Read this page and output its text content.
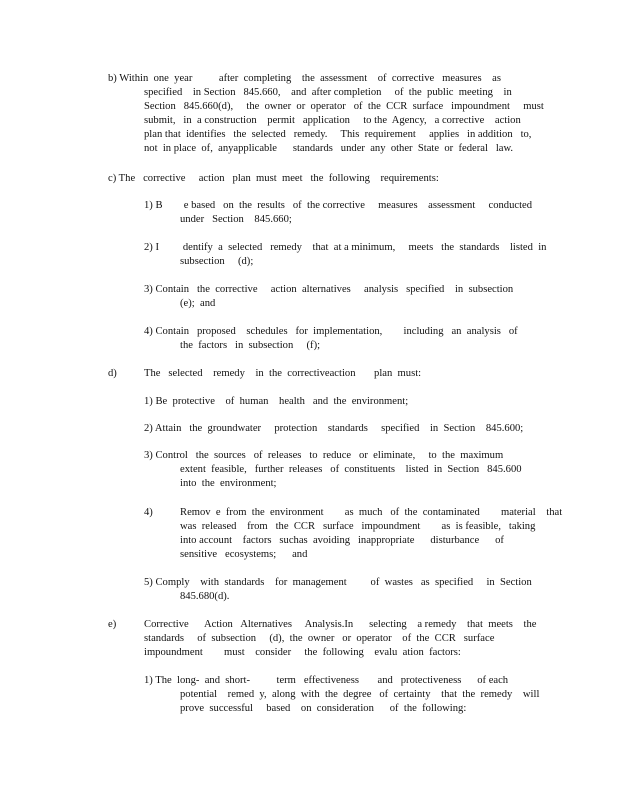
b) Within  one  year          after  completing    the  assessment    of  corrective   measures    as

specified    in Section   845.660,    and  after completion     of  the  public  meeting    in

Section   845.660(d),     the  owner  or  operator   of  the  CCR  surface   impoundment     must

submit,   in  a construction    permit   application     to the  Agency,   a corrective    action

plan that  identifies   the  selected   remedy.     This  requirement     applies   in addition   to,

not  in place  of,  anyapplicable      standards   under  any  other  State  or  federal   law.

c) The   corrective     action   plan  must  meet   the  following    requirements:

1) B        e based   on  the  results   of  the corrective     measures    assessment     conducted

under   Section    845.660;

2) I         dentify  a  selected   remedy    that  at a minimum,     meets   the  standards    listed  in

subsection     (d);

3) Contain   the  corrective     action  alternatives     analysis   specified    in  subsection

(e);  and

4) Contain   proposed    schedules   for  implementation,        including   an  analysis   of

the  factors   in  subsection     (f);

d)	The   selected    remedy    in  the  correctiveaction       plan  must:

1) Be  protective    of  human    health   and  the  environment;

2) Attain   the  groundwater     protection    standards     specified    in  Section    845.600;

3) Control   the  sources   of  releases   to  reduce   or  eliminate,     to  the  maximum

extent  feasible,   further  releases   of  constituents    listed  in  Section   845.600

into  the  environment;

4)	Remov  e  from  the  environment        as  much   of  the  contaminated        material    that

was  released    from   the  CCR   surface   impoundment        as  is feasible,   taking

into account    factors   suchas  avoiding   inappropriate      disturbance      of

sensitive   ecosystems;      and

5) Comply    with  standards    for  management         of  wastes   as  specified     in  Section

845.680(d).

e)	Corrective      Action   Alternatives     Analysis.In      selecting    a remedy    that  meets    the

standards     of  subsection     (d),  the  owner   or  operator    of  the  CCR   surface

impoundment        must    consider     the  following    evalu  ation  factors:

1) The  long-  and  short-          term   effectiveness       and   protectiveness      of each

potential    remed  y,  along  with  the  degree   of  certainty    that  the  remedy    will

prove  successful     based    on  consideration      of  the  following:
